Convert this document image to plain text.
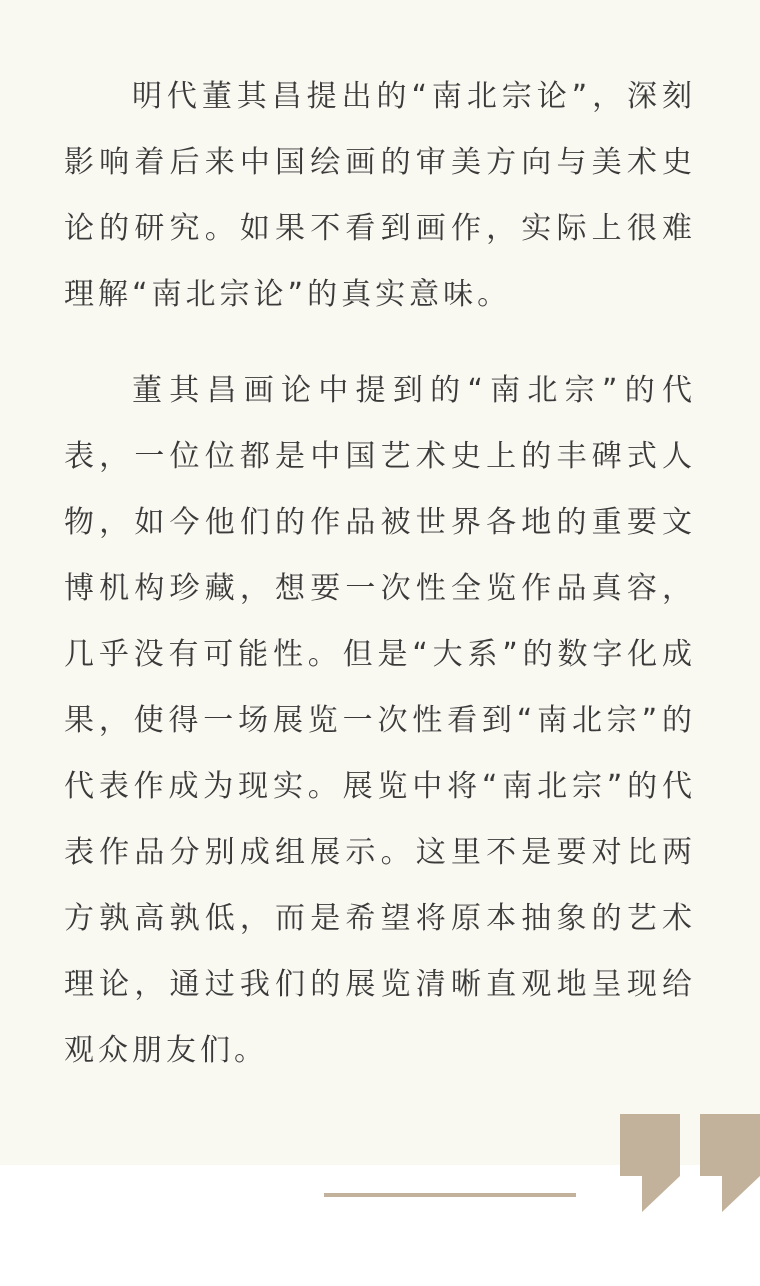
明代董其昌提出的“南北宗论”，深刻影响着后来中国绘画的审美方向与美术史论的研究。如果不看到画作，实际上很难理解“南北宗论”的真实意味。

董其昌画论中提到的“南北宗”的代表，一位位都是中国艺术史上的丰碑式人物，如今他们的作品被世界各地的重要文博机构珍藏，想要一次性全览作品真容，几乎没有可能性。但是“大系”的数字化成果，使得一场展览一次性看到“南北宗”的代表作成为现实。展览中将“南北宗”的代表作品分别成组展示。这里不是要对比两方孰高孰低，而是希望将原本抽象的艺术理论，通过我们的展览清晰直观地呈现给观众朋友们。
